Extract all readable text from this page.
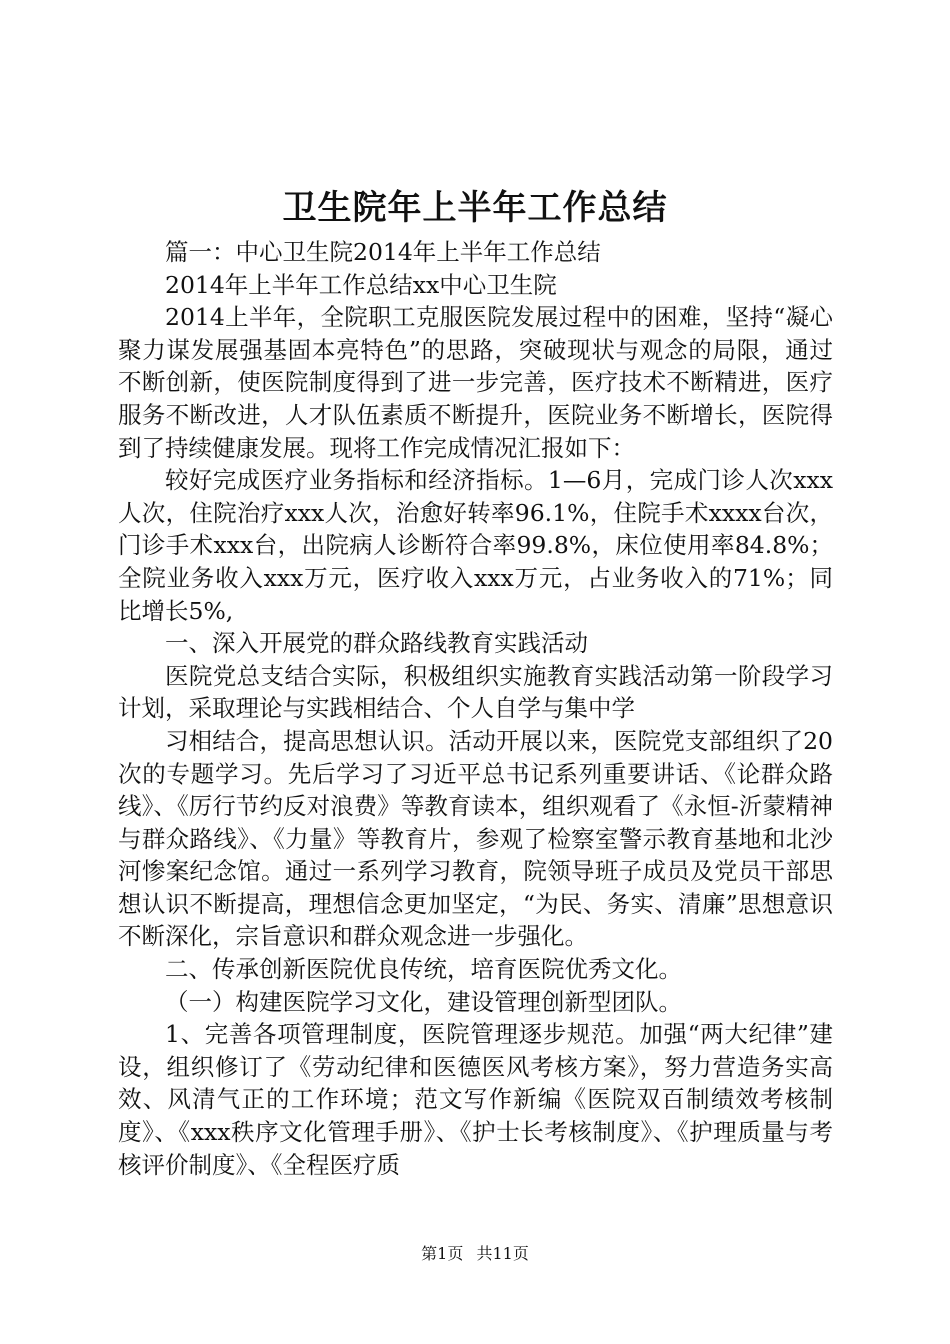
卫生院年上半年工作总结

篇一：中心卫生院2014年上半年工作总结

2014年上半年工作总结xx中心卫生院

2014上半年，全院职工克服医院发展过程中的困难，坚持“凝心聚力谋发展强基固本亮特色”的思路，突破现状与观念的局限，通过不断创新，使医院制度得到了进一步完善，医疗技术不断精进，医疗服务不断改进，人才队伍素质不断提升，医院业务不断增长，医院得到了持续健康发展。现将工作完成情况汇报如下：

较好完成医疗业务指标和经济指标。1—6月，完成门诊人次xxx人次，住院治疗xxx人次，治愈好转率96.1%，住院手术xxxx台次，门诊手术xxx台，出院病人诊断符合率99.8%，床位使用率84.8%；全院业务收入xxx万元，医疗收入xxx万元，占业务收入的71%；同比增长5%,

一、深入开展党的群众路线教育实践活动

医院党总支结合实际，积极组织实施教育实践活动第一阶段学习计划，采取理论与实践相结合、个人自学与集中学

习相结合，提高思想认识。活动开展以来，医院党支部组织了20次的专题学习。先后学习了习近平总书记系列重要讲话、《论群众路线》、《厉行节约反对浪费》等教育读本，组织观看了《永恒-沂蒙精神与群众路线》、《力量》等教育片，参观了检察室警示教育基地和北沙河惨案纪念馆。通过一系列学习教育，院领导班子成员及党员干部思想认识不断提高，理想信念更加坚定，“为民、务实、清廉”思想意识不断深化，宗旨意识和群众观念进一步强化。

二、传承创新医院优良传统，培育医院优秀文化。

（一）构建医院学习文化，建设管理创新型团队。

1、完善各项管理制度，医院管理逐步规范。加强“两大纪律”建设，组织修订了《劳动纪律和医德医风考核方案》，努力营造务实高效、风清气正的工作环境；范文写作新编《医院双百制绩效考核制度》、《xxx秩序文化管理手册》、《护士长考核制度》、《护理质量与考核评价制度》、《全程医疗质

第1页 共11页
